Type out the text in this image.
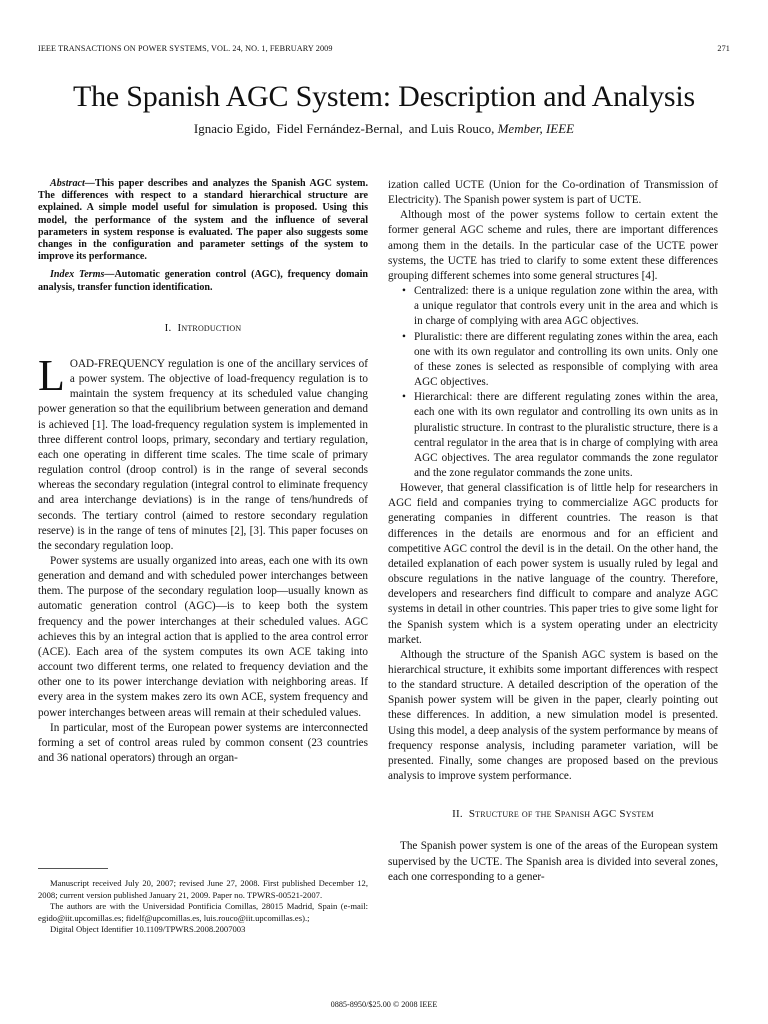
IEEE TRANSACTIONS ON POWER SYSTEMS, VOL. 24, NO. 1, FEBRUARY 2009	271
The Spanish AGC System: Description and Analysis
Ignacio Egido, Fidel Fernández-Bernal, and Luis Rouco, Member, IEEE

Abstract—This paper describes and analyzes the Spanish AGC system. The differences with respect to a standard hierarchical structure are explained. A simple model useful for simulation is proposed. Using this model, the performance of the system and the influence of several parameters in system response is evaluated. The paper also suggests some changes in the configuration and parameter settings of the system to improve its performance.

Index Terms—Automatic generation control (AGC), frequency domain analysis, transfer function identification.

I. Introduction

LOAD-FREQUENCY regulation is one of the ancillary services of a power system. The objective of load-frequency regulation is to maintain the system frequency at its scheduled value changing power generation so that the equilibrium between generation and demand is achieved [1]. The load-frequency regulation system is implemented in three different control loops, primary, secondary and tertiary regulation, each one operating in different time scales. The time scale of primary regulation control (droop control) is in the range of several seconds whereas the secondary regulation (integral control to eliminate frequency and area interchange deviations) is in the range of tens/hundreds of seconds. The tertiary control (aimed to restore secondary regulation reserve) is in the range of tens of minutes [2], [3]. This paper focuses on the secondary regulation loop.

Power systems are usually organized into areas, each one with its own generation and demand and with scheduled power interchanges between them. The purpose of the secondary regulation loop—usually known as automatic generation control (AGC)—is to keep both the system frequency and the power interchanges at their scheduled values. AGC achieves this by an integral action that is applied to the area control error (ACE). Each area of the system computes its own ACE taking into account two different terms, one related to frequency deviation and the other one to its power interchange deviation with neighboring areas. If every area in the system makes zero its own ACE, system frequency and power interchanges between areas will remain at their scheduled values.

In particular, most of the European power systems are interconnected forming a set of control areas ruled by common consent (23 countries and 36 national operators) through an organ-

Manuscript received July 20, 2007; revised June 27, 2008. First published December 12, 2008; current version published January 21, 2009. Paper no. TPWRS-00521-2007.

The authors are with the Universidad Pontificia Comillas, 28015 Madrid, Spain (e-mail: egido@iit.upcomillas.es; fidelf@upcomillas.es, luis.rouco@iit.upcomillas.es).;

Digital Object Identifier 10.1109/TPWRS.2008.2007003

ization called UCTE (Union for the Co-ordination of Transmission of Electricity). The Spanish power system is part of UCTE.

Although most of the power systems follow to certain extent the former general AGC scheme and rules, there are important differences among them in the details. In the particular case of the UCTE power systems, the UCTE has tried to clarify to some extent these differences grouping different schemes into some general structures [4].

• Centralized: there is a unique regulation zone within the area, with a unique regulator that controls every unit in the area and which is in charge of complying with area AGC objectives.
• Pluralistic: there are different regulating zones within the area, each one with its own regulator and controlling its own units. Only one of these zones is selected as responsible of complying with area AGC objectives.
• Hierarchical: there are different regulating zones within the area, each one with its own regulator and controlling its own units as in pluralistic structure. In contrast to the pluralistic structure, there is a central regulator in the area that is in charge of complying with area AGC objectives. The area regulator commands the zone regulator and the zone regulator commands the zone units.

However, that general classification is of little help for researchers in AGC field and companies trying to commercialize AGC products for generating companies in different countries. The reason is that differences in the details are enormous and for an efficient and competitive AGC control the devil is in the detail. On the other hand, the detailed explanation of each power system is usually ruled by legal and obscure regulations in the native language of the country. Therefore, developers and researchers find difficult to compare and analyze AGC systems in detail in other countries. This paper tries to give some light for the Spanish system which is a system operating under an electricity market.

Although the structure of the Spanish AGC system is based on the hierarchical structure, it exhibits some important differences with respect to the standard structure. A detailed description of the operation of the Spanish power system will be given in the paper, clearly pointing out these differences. In addition, a new simulation model is presented. Using this model, a deep analysis of the system performance by means of frequency response analysis, including parameter variation, will be presented. Finally, some changes are proposed based on the previous analysis to improve system performance.

II. Structure of the Spanish AGC System

The Spanish power system is one of the areas of the European system supervised by the UCTE. The Spanish area is divided into several zones, each one corresponding to a gener-

0885-8950/$25.00 © 2008 IEEE
